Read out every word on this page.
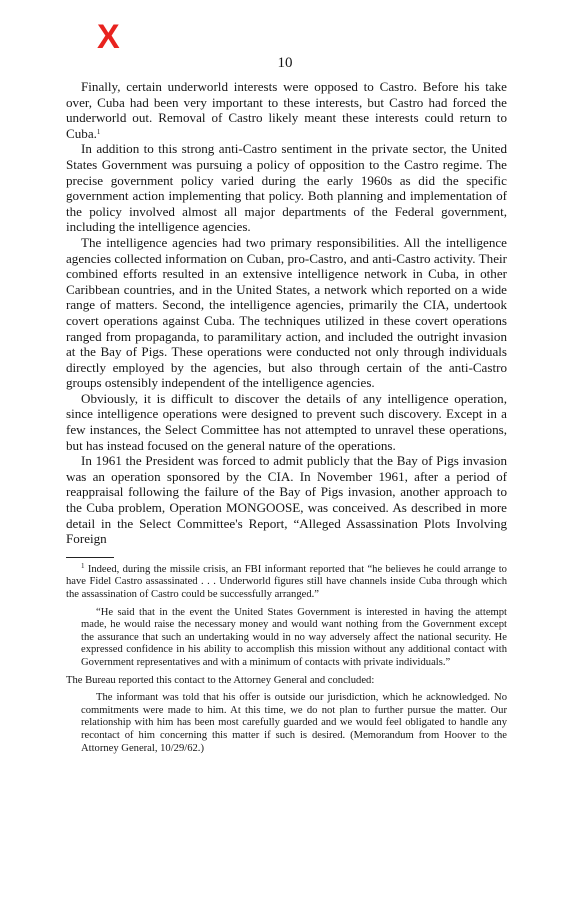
X
10

Finally, certain underworld interests were opposed to Castro. Before his take over, Cuba had been very important to these interests, but Castro had forced the underworld out. Removal of Castro likely meant these interests could return to Cuba.$^1$

In addition to this strong anti-Castro sentiment in the private sector, the United States Government was pursuing a policy of opposition to the Castro regime. The precise government policy varied during the early 1960s as did the specific government action implementing that policy. Both planning and implementation of the policy involved almost all major departments of the Federal government, including the intelligence agencies.

The intelligence agencies had two primary responsibilities. All the intelligence agencies collected information on Cuban, pro-Castro, and anti-Castro activity. Their combined efforts resulted in an extensive intelligence network in Cuba, in other Caribbean countries, and in the United States, a network which reported on a wide range of matters. Second, the intelligence agencies, primarily the CIA, undertook covert operations against Cuba. The techniques utilized in these covert operations ranged from propaganda, to paramilitary action, and included the outright invasion at the Bay of Pigs. These operations were conducted not only through individuals directly employed by the agencies, but also through certain of the anti-Castro groups ostensibly independent of the intelligence agencies.

Obviously, it is difficult to discover the details of any intelligence operation, since intelligence operations were designed to prevent such discovery. Except in a few instances, the Select Committee has not attempted to unravel these operations, but has instead focused on the general nature of the operations.

In 1961 the President was forced to admit publicly that the Bay of Pigs invasion was an operation sponsored by the CIA. In November 1961, after a period of reappraisal following the failure of the Bay of Pigs invasion, another approach to the Cuba problem, Operation MONGOOSE, was conceived. As described in more detail in the Select Committee's Report, “Alleged Assassination Plots Involving Foreign

$^1$ Indeed, during the missile crisis, an FBI informant reported that “he believes he could arrange to have Fidel Castro assassinated . . . Underworld figures still have channels inside Cuba through which the assassination of Castro could be successfully arranged.”

“He said that in the event the United States Government is interested in having the attempt made, he would raise the necessary money and would want nothing from the Government except the assurance that such an undertaking would in no way adversely affect the national security. He expressed confidence in his ability to accomplish this mission without any additional contact with Government representatives and with a minimum of contacts with private individuals.”

The Bureau reported this contact to the Attorney General and concluded:

The informant was told that his offer is outside our jurisdiction, which he acknowledged. No commitments were made to him. At this time, we do not plan to further pursue the matter. Our relationship with him has been most carefully guarded and we would feel obligated to handle any recontact of him concerning this matter if such is desired. (Memorandum from Hoover to the Attorney General, 10/29/62.)
